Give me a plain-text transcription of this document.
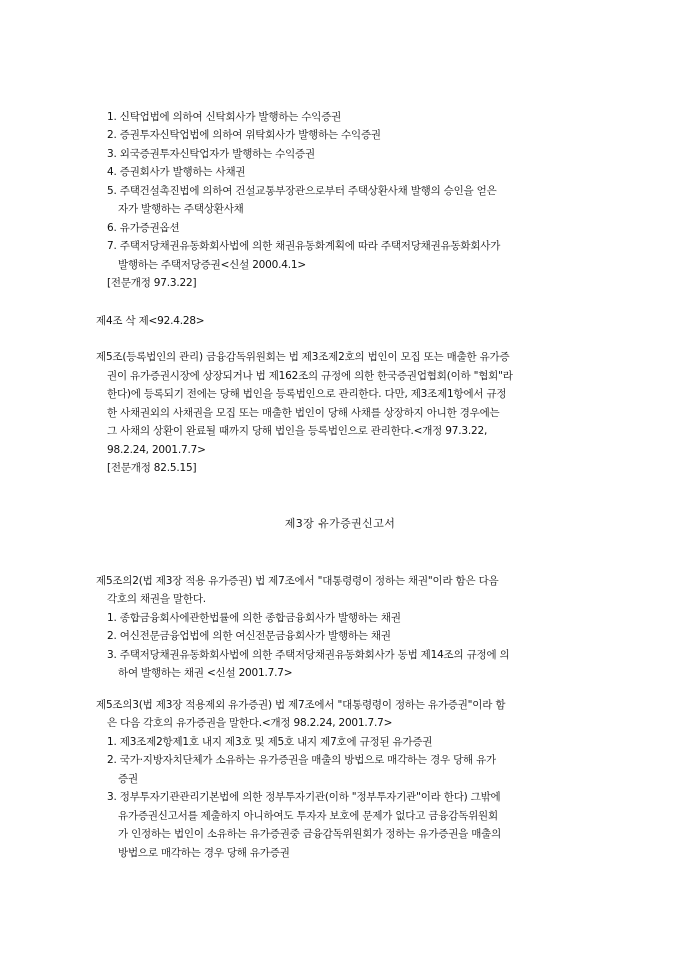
1. 신탁업법에 의하여 신탁회사가 발행하는 수익증권
2. 증권투자신탁업법에 의하여 위탁회사가 발행하는 수익증권
3. 외국증권투자신탁업자가 발행하는 수익증권
4. 증권회사가 발행하는 사채권
5. 주택건설촉진법에 의하여 건설교통부장관으로부터 주택상환사채 발행의 승인을 얻은
자가 발행하는 주택상환사채
6. 유가증권옵션
7. 주택저당채권유동화회사법에 의한 채권유동화계획에 따라 주택저당채권유동화회사가
발행하는 주택저당증권<신설 2000.4.1>
[전문개정 97.3.22]
제4조 삭 제<92.4.28>
제5조(등록법인의 관리) 금융감독위원회는 법 제3조제2호의 법인이 모집 또는 매출한 유가증
권이 유가증권시장에 상장되거나 법 제162조의 규정에 의한 한국증권업협회(이하 "협회"라
한다)에 등록되기 전에는 당해 법인을 등록법인으로 관리한다. 다만, 제3조제1항에서 규정
한 사채권외의 사채권을 모집 또는 매출한 법인이 당해 사채를 상장하지 아니한 경우에는
그 사채의 상환이 완료될 때까지 당해 법인을 등록법인으로 관리한다.<개정 97.3.22,
98.2.24, 2001.7.7>
[전문개정 82.5.15]
제3장 유가증권신고서
제5조의2(법 제3장 적용 유가증권) 법 제7조에서 "대통령령이 정하는 채권"이라 함은 다음
각호의 채권을 말한다.
1. 종합금융회사에관한법률에 의한 종합금융회사가 발행하는 채권
2. 여신전문금융업법에 의한 여신전문금융회사가 발행하는 채권
3. 주택저당채권유동화회사법에 의한 주택저당채권유동화회사가 동법 제14조의 규정에 의
하여 발행하는 채권 <신설 2001.7.7>
제5조의3(법 제3장 적용제외 유가증권) 법 제7조에서 "대통령령이 정하는 유가증권"이라 함
은 다음 각호의 유가증권을 말한다.<개정 98.2.24, 2001.7.7>
1. 제3조제2항제1호 내지 제3호 및 제5호 내지 제7호에 규정된 유가증권
2. 국가·지방자치단체가 소유하는 유가증권을 매출의 방법으로 매각하는 경우 당해 유가
증권
3. 정부투자기관관리기본법에 의한 정부투자기관(이하 "정부투자기관"이라 한다) 그밖에
유가증권신고서를 제출하지 아니하여도 투자자 보호에 문제가 없다고 금융감독위원회
가 인정하는 법인이 소유하는 유가증권중 금융감독위원회가 정하는 유가증권을 매출의
방법으로 매각하는 경우 당해 유가증권
